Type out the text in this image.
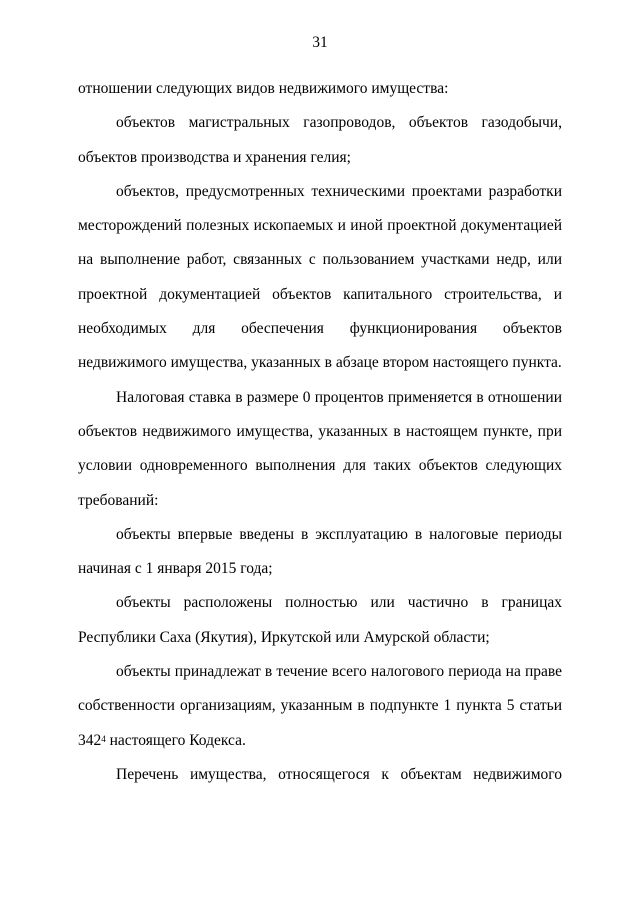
31

отношении следующих видов недвижимого имущества:

объектов магистральных газопроводов, объектов газодобычи, объектов производства и хранения гелия;

объектов, предусмотренных техническими проектами разработки месторождений полезных ископаемых и иной проектной документацией на выполнение работ, связанных с пользованием участками недр, или проектной документацией объектов капитального строительства, и необходимых для обеспечения функционирования объектов недвижимого имущества, указанных в абзаце втором настоящего пункта.

Налоговая ставка в размере 0 процентов применяется в отношении объектов недвижимого имущества, указанных в настоящем пункте, при условии одновременного выполнения для таких объектов следующих требований:

объекты впервые введены в эксплуатацию в налоговые периоды начиная с 1 января 2015 года;

объекты расположены полностью или частично в границах Республики Саха (Якутия), Иркутской или Амурской области;

объекты принадлежат в течение всего налогового периода на праве собственности организациям, указанным в подпункте 1 пункта 5 статьи $342^4$ настоящего Кодекса.

Перечень имущества, относящегося к объектам недвижимого
